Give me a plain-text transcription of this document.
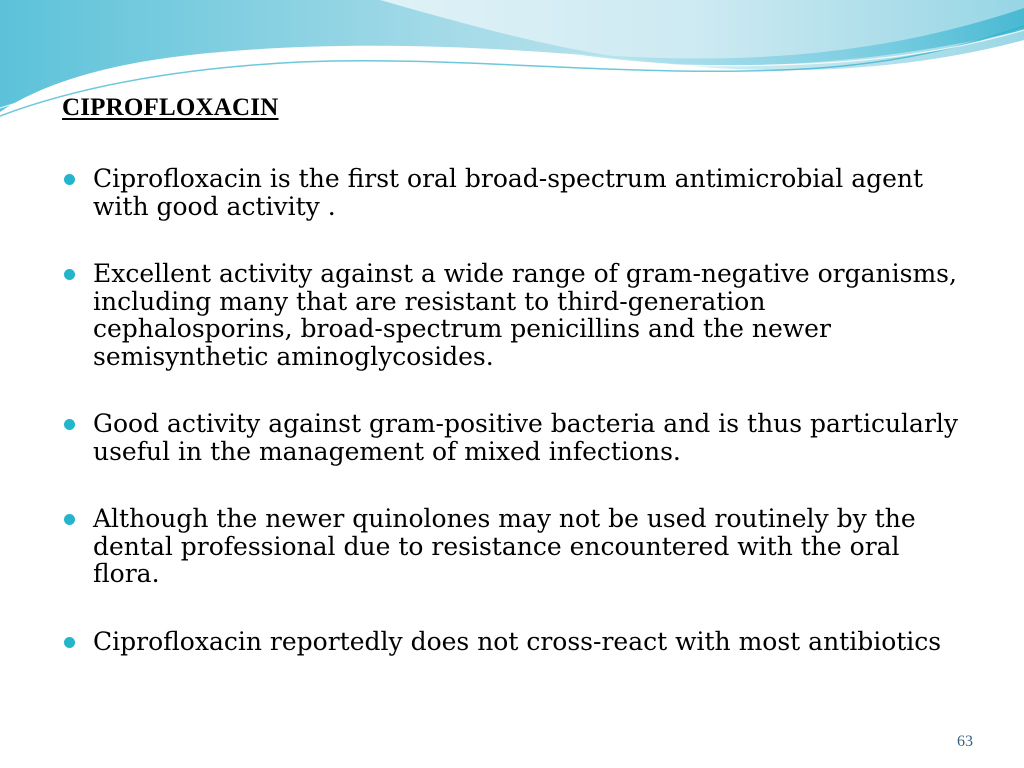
CIPROFLOXACIN
Ciprofloxacin is the first oral broad-spectrum antimicrobial agent with good activity .
Excellent activity against a wide range of gram-negative organisms, including many that are resistant to third-generation cephalosporins, broad-spectrum penicillins and the newer semisynthetic aminoglycosides.
Good activity against gram-positive bacteria and is thus particularly useful in the management of mixed infections.
Although the newer quinolones may not be used routinely by the dental professional due to resistance encountered with the oral flora.
Ciprofloxacin reportedly does not cross-react with most antibiotics
63
